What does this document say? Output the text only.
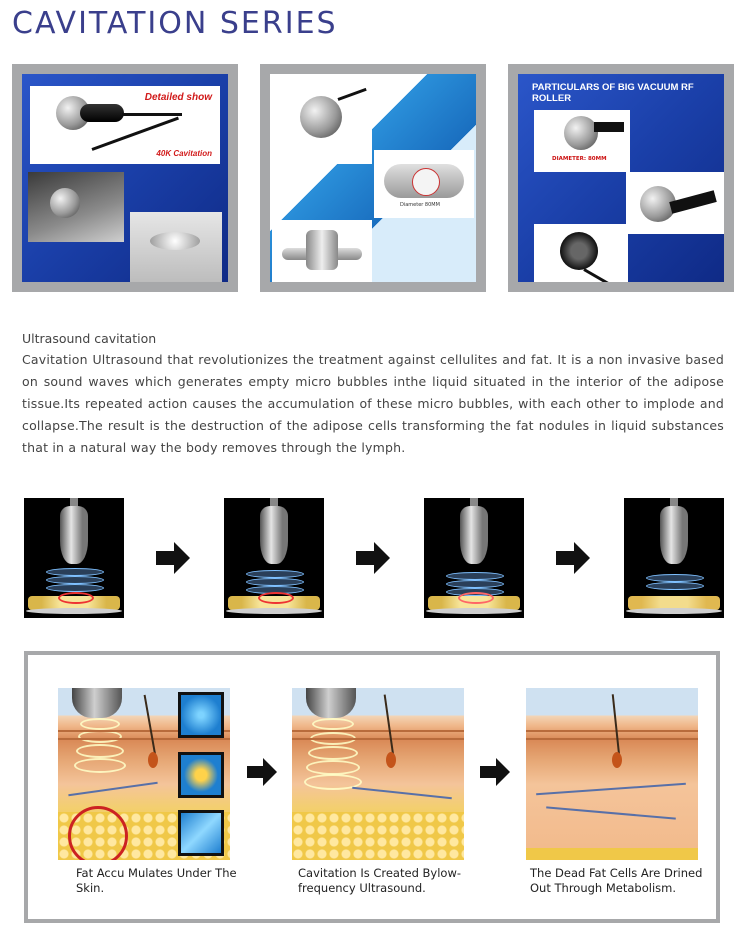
CAVITATION SERIES
Detailed show
40K Cavitation
Diameter 80MM
PARTICULARS OF BIG VACUUM RF ROLLER
DIAMETER: 80MM
Ultrasound cavitation
Cavitation Ultrasound that revolutionizes the treatment against cellulites and fat. It is a non invasive based on sound waves which generates empty micro bubbles inthe liquid situated in the interior of the adipose tissue.Its repeated action causes the accumulation of these micro bubbles, with each other to implode and collapse.The result is the destruction of the adipose cells transforming the fat nodules in liquid substances that in a natural way the body removes through the lymph.
Fat Accu Mulates Under The Skin.
Cavitation Is Created Bylow-frequency Ultrasound.
The Dead Fat Cells Are Drined Out Through Metabolism.
